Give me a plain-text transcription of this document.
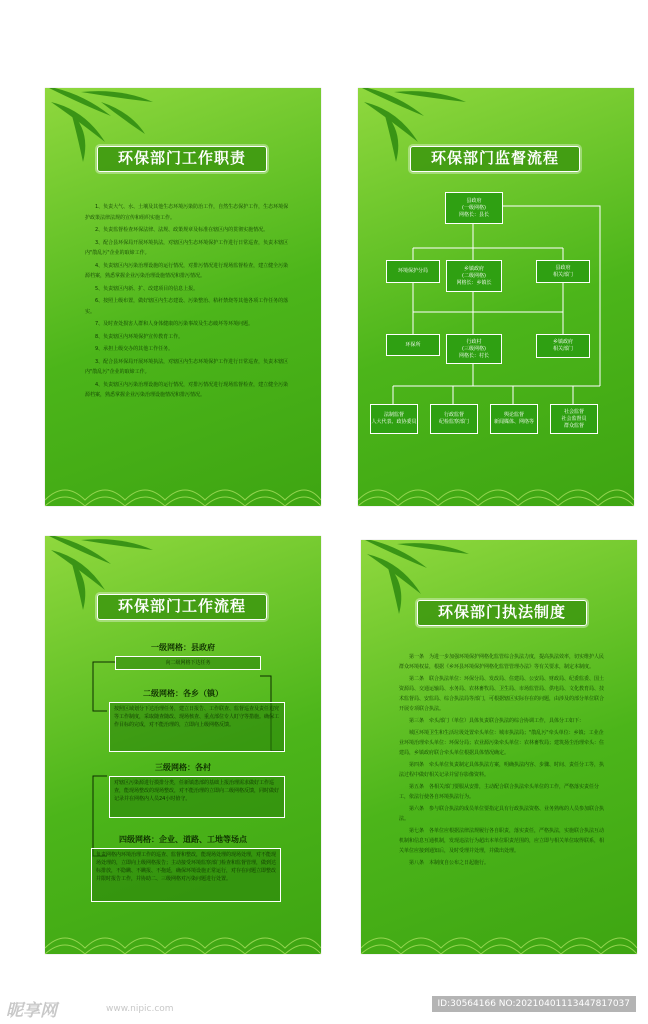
环保部门工作职责

1、负责大气、水、土壤及其他生态环境污染防治工作，自然生态保护工作，生态环境保护政策法律法规的宣传和组织实施工作。

2、负责监督检查环保法律、法规、政策规章及标准在辖区内的贯彻实施情况。

3、配合县环保局开展环境执法，对辖区内生态环境保护工作进行日常巡查，负责本辖区内"散乱污"企业的取缔工作。

4、负责辖区内污染治理设施的运行情况，对排污情况进行现场监督检查，建立健全污染源档案，熟悉掌握企业污染治理设施情况和排污情况。

5、负责辖区内新、扩、改建项目的信息上报。

6、按照上级布置，做好辖区内生态建设、污染整治、秸秆禁烧等其他各项工作任务的落实。

7、及时查处损害人群和人身体健康的污染事故及生态破坏等环境问题。

8、负责辖区内环境保护宣传教育工作。

9、承担上级交办的其他工作任务。

3、配合县环保局开展环境执法，对辖区内生态环境保护工作进行日常巡查，负责本辖区内"散乱污"企业的取缔工作。

4、负责辖区内污染治理设施的运行情况，对排污情况进行现场监督检查，建立健全污染源档案，熟悉掌握企业污染治理设施情况和排污情况。

环保部门监督流程
县政府
(一级网格)
网格长：县长
环境保护分局	乡镇政府
(二级网格)
网格长：乡镇长
县政府
相关部门
环保所	行政村
(三级网格)
网格长：村长
乡镇政府
相关部门
法制监督
人大代表、政协委员
行政监督
纪检监察部门
舆论监督
新闻媒体、网络等
社会监督
社会监督员
群众监督
环保部门工作流程
一级网格：县政府
向二级网格下达任务
二级网格：各乡（镇）
按照区域划分下达治理任务，建立日报告、工作联查、监督巡查及责任追究等工作制度，采取随查随改、现场核查、重点部位专人盯守等措施。确保工作目标的完成，对不能治理的，立即向上级网格反馈。
三级网格：各村
对辖区污染源进行摸排分类，任新镇患部的基础上报治理需求做好工作巡查，能现场整改的现场整改，对不能治理的立即向二级网格反馈，同时做好记录并在网格内人员24小时值守。
四级网格：企业、道路、工地等场点
负责网格内环境治理工作的巡查、监督和整改，能现场处理的现场处理，对不能现场处理的，立即向上级网格报告；主动接受环境监察部门检查和监督管理，做到达标排放，不隐瞒、不瞒报、不拖延，确保环境设施正常运行，对存在问题立即整改并限时报告工作，并协助二、三级网格对污染问题进行处置。
环保部门执法制度

第一条　为进一步加强环境保护网格化监管综合执法力度，提高执法效率，切实维护人民群众环境权益，根据《乡环县环境保护网格化监管管理办法》等有关要求，制定本制度。

第二条　联合执法单位：环保分局、发改局、住建局、公安局、财政局、纪委监委、国土资源局、交通运输局、水务局、农林畜牧局、卫生局、市场监管局、供电局、文化教育局、技术监督局、安监局、综合执法局等部门，可根据辖区实际存在的问题，由涉及的部分单位联合开展专项联合执法。

第三条　牵头部门（单位）具体负责联合执法的综合协调工作，具体分工如下：

城区环境卫生和生活垃圾处置牵头单位：城市执法局；"散乱污"牵头单位：乡镇；工业企业环境治理牵头单位：环保分局；农业源污染牵头单位：农林畜牧局；建筑扬尘治理牵头：住建局，乡镇政府联合牵头单位根据具体情况确定。

第四条　牵头单位负责制定具体执法方案，明确执法内容、步骤、时间、责任分工等，执法过程中做好相关记录并留存影像资料。

第五条　各相关部门要服从安排，主动配合联合执法牵头单位的工作，严格落实责任分工，依法行使各自环境执法行为。

第六条　参与联合执法的成员单位要指定具有行政执法资格、业务熟练的人员参加联合执法。

第七条　各单位应根据法律法规履行各自职责，落实责任，严格执法，实施联合执法互动机制和信息互通机制，发现违法行为超出本单位职责范围的，应立即与相关单位取得联系，相关单位应接到通知后，及时受理并处理，并做出处理。

第八条　本制度自公布之日起施行。

昵享网	www.nipic.com	ID:30564166 NO:20210401113447817037
